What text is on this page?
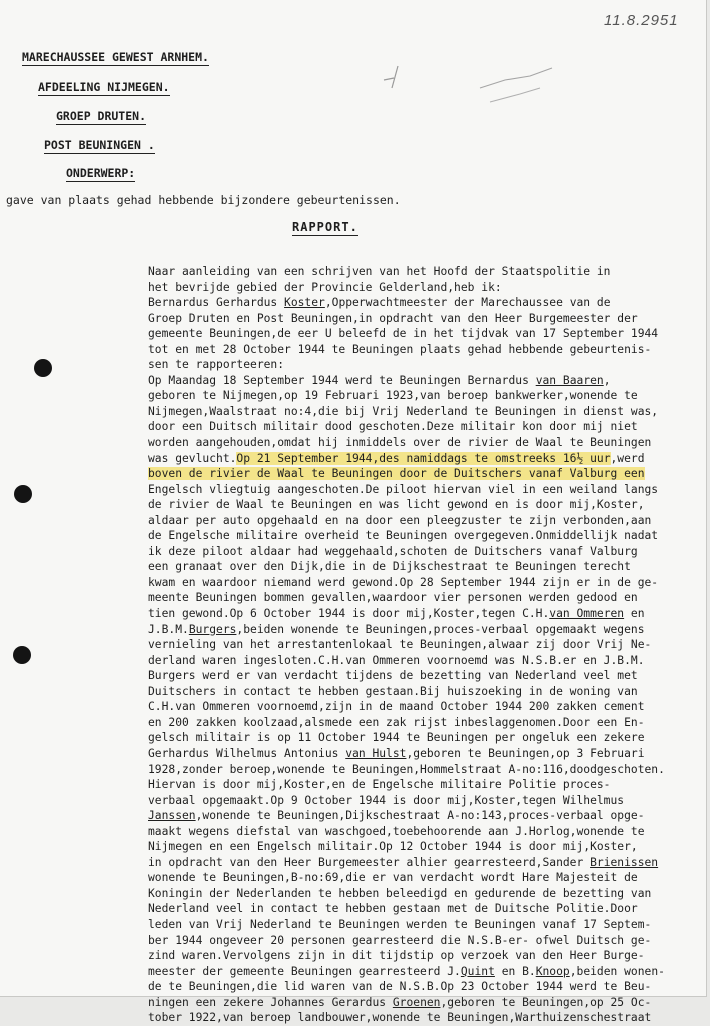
11.8.2951
MARECHAUSSEE GEWEST ARNHEM.
AFDEELING NIJMEGEN.
GROEP DRUTEN.
POST BEUNINGEN .
ONDERWERP:
gave van plaats gehad hebbende bijzondere gebeurtenissen.
RAPPORT.
Naar aanleiding van een schrijven van het Hoofd der Staatspolitie in
het bevrijde gebied der Provincie Gelderland,heb ik:
Bernardus Gerhardus Koster,Opperwachtmeester der Marechaussee van de
Groep Druten en Post Beuningen,in opdracht van den Heer Burgemeester der
gemeente Beuningen,de eer U beleefd de in het tijdvak van 17 September 1944
tot en met 28 October 1944 te Beuningen plaats gehad hebbende gebeurtenis-
sen te rapporteeren:
Op Maandag 18 September 1944 werd te Beuningen Bernardus van Baaren,
geboren te Nijmegen,op 19 Februari 1923,van beroep bankwerker,wonende te
Nijmegen,Waalstraat no:4,die bij Vrij Nederland te Beuningen in dienst was,
door een Duitsch militair dood geschoten.Deze militair kon door mij niet
worden aangehouden,omdat hij inmiddels over de rivier de Waal te Beuningen
was gevlucht.Op 21 September 1944,des namiddags te omstreeks 16½ uur,werd
boven de rivier de Waal te Beuningen door de Duitschers vanaf Valburg een
Engelsch vliegtuig aangeschoten.De piloot hiervan viel in een weiland langs
de rivier de Waal te Beuningen en was licht gewond en is door mij,Koster,
aldaar per auto opgehaald en na door een pleegzuster te zijn verbonden,aan
de Engelsche militaire overheid te Beuningen overgegeven.Onmiddellijk nadat
ik deze piloot aldaar had weggehaald,schoten de Duitschers vanaf Valburg
een granaat over den Dijk,die in de Dijkschestraat te Beuningen terecht
kwam en waardoor niemand werd gewond.Op 28 September 1944 zijn er in de ge-
meente Beuningen bommen gevallen,waardoor vier personen werden gedood en
tien gewond.Op 6 October 1944 is door mij,Koster,tegen C.H.van Ommeren en
J.B.M.Burgers,beiden wonende te Beuningen,proces-verbaal opgemaakt wegens
vernieling van het arrestantenlokaal te Beuningen,alwaar zij door Vrij Ne-
derland waren ingesloten.C.H.van Ommeren voornoemd was N.S.B.er en J.B.M.
Burgers werd er van verdacht tijdens de bezetting van Nederland veel met
Duitschers in contact te hebben gestaan.Bij huiszoeking in de woning van
C.H.van Ommeren voornoemd,zijn in de maand October 1944 200 zakken cement
en 200 zakken koolzaad,alsmede een zak rijst inbeslaggenomen.Door een En-
gelsch militair is op 11 October 1944 te Beuningen per ongeluk een zekere
Gerhardus Wilhelmus Antonius van Hulst,geboren te Beuningen,op 3 Februari
1928,zonder beroep,wonende te Beuningen,Hommelstraat A-no:116,doodgeschoten.
Hiervan is door mij,Koster,en de Engelsche militaire Politie proces-
verbaal opgemaakt.Op 9 October 1944 is door mij,Koster,tegen Wilhelmus
Janssen,wonende te Beuningen,Dijkschestraat A-no:143,proces-verbaal opge-
maakt wegens diefstal van waschgoed,toebehoorende aan J.Horlog,wonende te
Nijmegen en een Engelsch militair.Op 12 October 1944 is door mij,Koster,
in opdracht van den Heer Burgemeester alhier gearresteerd,Sander Brienissen
wonende te Beuningen,B-no:69,die er van verdacht wordt Hare Majesteit de
Koningin der Nederlanden te hebben beleedigd en gedurende de bezetting van
Nederland veel in contact te hebben gestaan met de Duitsche Politie.Door
leden van Vrij Nederland te Beuningen werden te Beuningen vanaf 17 Septem-
ber 1944 ongeveer 20 personen gearresteerd die N.S.B-er- ofwel Duitsch ge-
zind waren.Vervolgens zijn in dit tijdstip op verzoek van den Heer Burge-
meester der gemeente Beuningen gearresteerd J.Quint en B.Knoop,beiden wonen-
de te Beuningen,die lid waren van de N.S.B.Op 23 October 1944 werd te Beu-
ningen een zekere Johannes Gerardus Groenen,geboren te Beuningen,op 25 Oc-
tober 1922,van beroep landbouwer,wonende te Beuningen,Warthuizenschestraat
